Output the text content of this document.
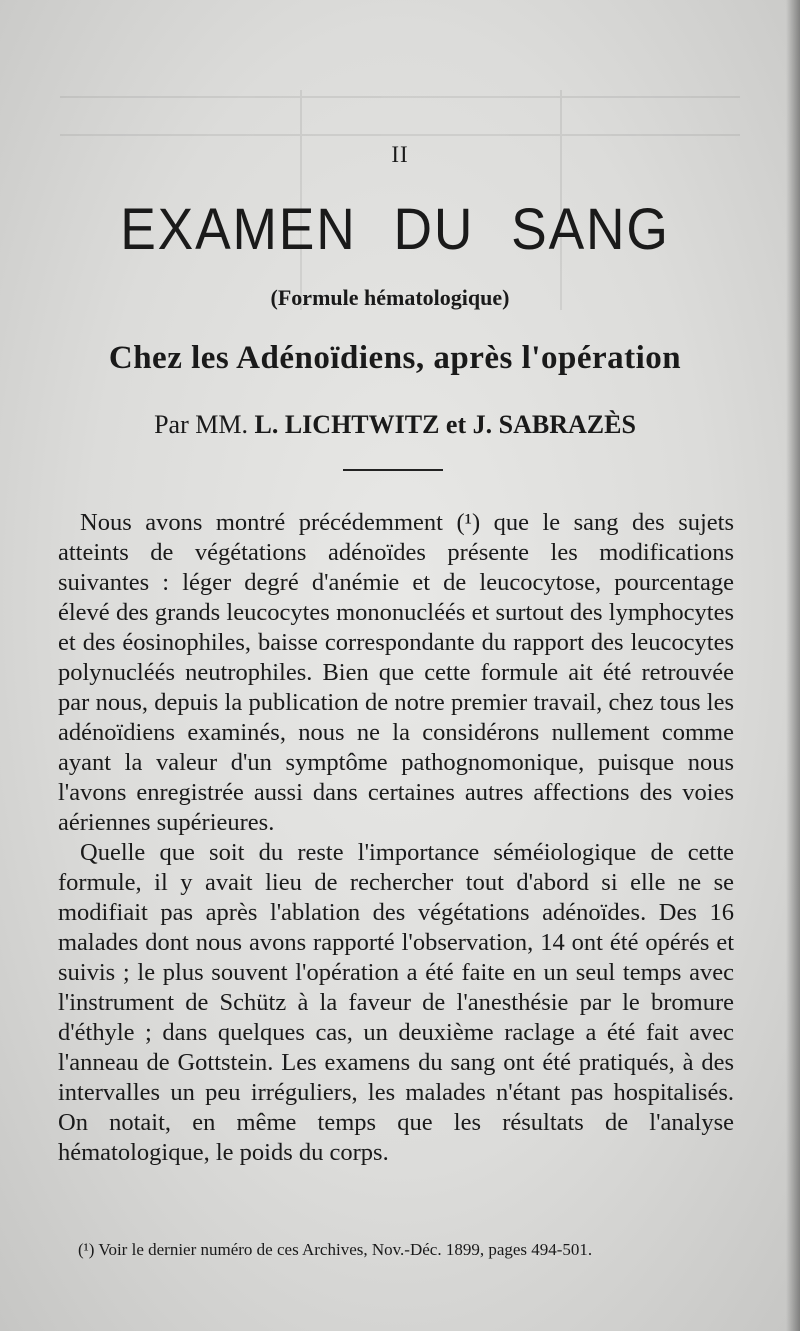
II
EXAMEN DU SANG
(Formule hématologique)
Chez les Adénoïdiens, après l'opération
Par MM. L. LICHTWITZ et J. SABRAZÈS

Nous avons montré précédemment (¹) que le sang des sujets atteints de végétations adénoïdes présente les modifications suivantes : léger degré d'anémie et de leucocytose, pourcentage élevé des grands leucocytes mononucléés et surtout des lymphocytes et des éosinophiles, baisse correspondante du rapport des leucocytes polynucléés neutrophiles. Bien que cette formule ait été retrouvée par nous, depuis la publication de notre premier travail, chez tous les adénoïdiens examinés, nous ne la considérons nullement comme ayant la valeur d'un symptôme pathognomonique, puisque nous l'avons enregistrée aussi dans certaines autres affections des voies aériennes supérieures.

Quelle que soit du reste l'importance séméiologique de cette formule, il y avait lieu de rechercher tout d'abord si elle ne se modifiait pas après l'ablation des végétations adénoïdes. Des 16 malades dont nous avons rapporté l'observation, 14 ont été opérés et suivis ; le plus souvent l'opération a été faite en un seul temps avec l'instrument de Schütz à la faveur de l'anesthésie par le bromure d'éthyle ; dans quelques cas, un deuxième raclage a été fait avec l'anneau de Gottstein. Les examens du sang ont été pratiqués, à des intervalles un peu irréguliers, les malades n'étant pas hospitalisés. On notait, en même temps que les résultats de l'analyse hématologique, le poids du corps.

(¹) Voir le dernier numéro de ces Archives, Nov.-Déc. 1899, pages 494-501.
